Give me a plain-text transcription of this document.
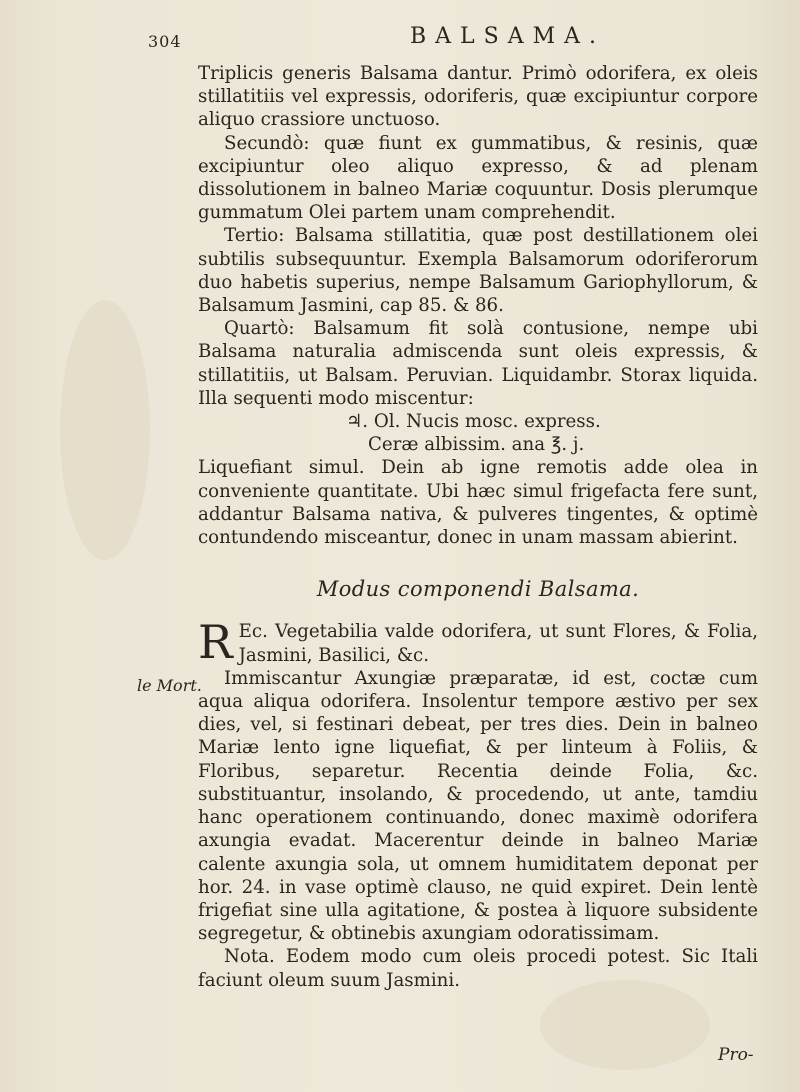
304	BALSAMA.

Triplicis generis Balsama dantur. Primò odorifera, ex oleis stillatitiis vel expressis, odoriferis, quæ excipiuntur corpore aliquo crassiore unctuoso.

Secundò: quæ fiunt ex gummatibus, & resinis, quæ excipiuntur oleo aliquo expresso, & ad plenam dissolutionem in balneo Mariæ coquuntur. Dosis plerumque gummatum Olei partem unam comprehendit.

Tertio: Balsama stillatitia, quæ post destillationem olei subtilis subsequuntur. Exempla Balsamorum odoriferorum duo habetis superius, nempe Balsamum Gariophyllorum, & Balsamum Jasmini, cap 85. & 86.

Quartò: Balsamum fit solà contusione, nempe ubi Balsama naturalia admiscenda sunt oleis expressis, & stillatitiis, ut Balsam. Peruvian. Liquidambr. Storax liquida. Illa sequenti modo miscentur:

♃. Ol. Nucis mosc. express.
Ceræ albissim. ana ℥. j.

Liquefiant simul. Dein ab igne remotis adde olea in conveniente quantitate. Ubi hæc simul frigefacta fere sunt, addantur Balsama nativa, & pulveres tingentes, & optimè contundendo misceantur, donec in unam massam abierint.

Modus componendi Balsama.

R Ec. Vegetabilia valde odorifera, ut sunt Flores, & Folia, Jasmini, Basilici, &c.

Immiscantur Axungiæ præparatæ, id est, coctæ cum aqua aliqua odorifera. Insolentur tempore æstivo per sex dies, vel, si festinari debeat, per tres dies. Dein in balneo Mariæ lento igne liquefiat, & per linteum à Foliis, & Floribus, separetur. Recentia deinde Folia, &c. substituantur, insolando, & procedendo, ut ante, tamdiu hanc operationem continuando, donec maximè odorifera axungia evadat. Macerentur deinde in balneo Mariæ calente axungia sola, ut omnem humiditatem deponat per hor. 24. in vase optimè clauso, ne quid expiret. Dein lentè frigefiat sine ulla agitatione, & postea à liquore subsidente segregetur, & obtinebis axungiam odoratissimam.

Nota. Eodem modo cum oleis procedi potest. Sic Itali faciunt oleum suum Jasmini.

le Mort.
Pro-
